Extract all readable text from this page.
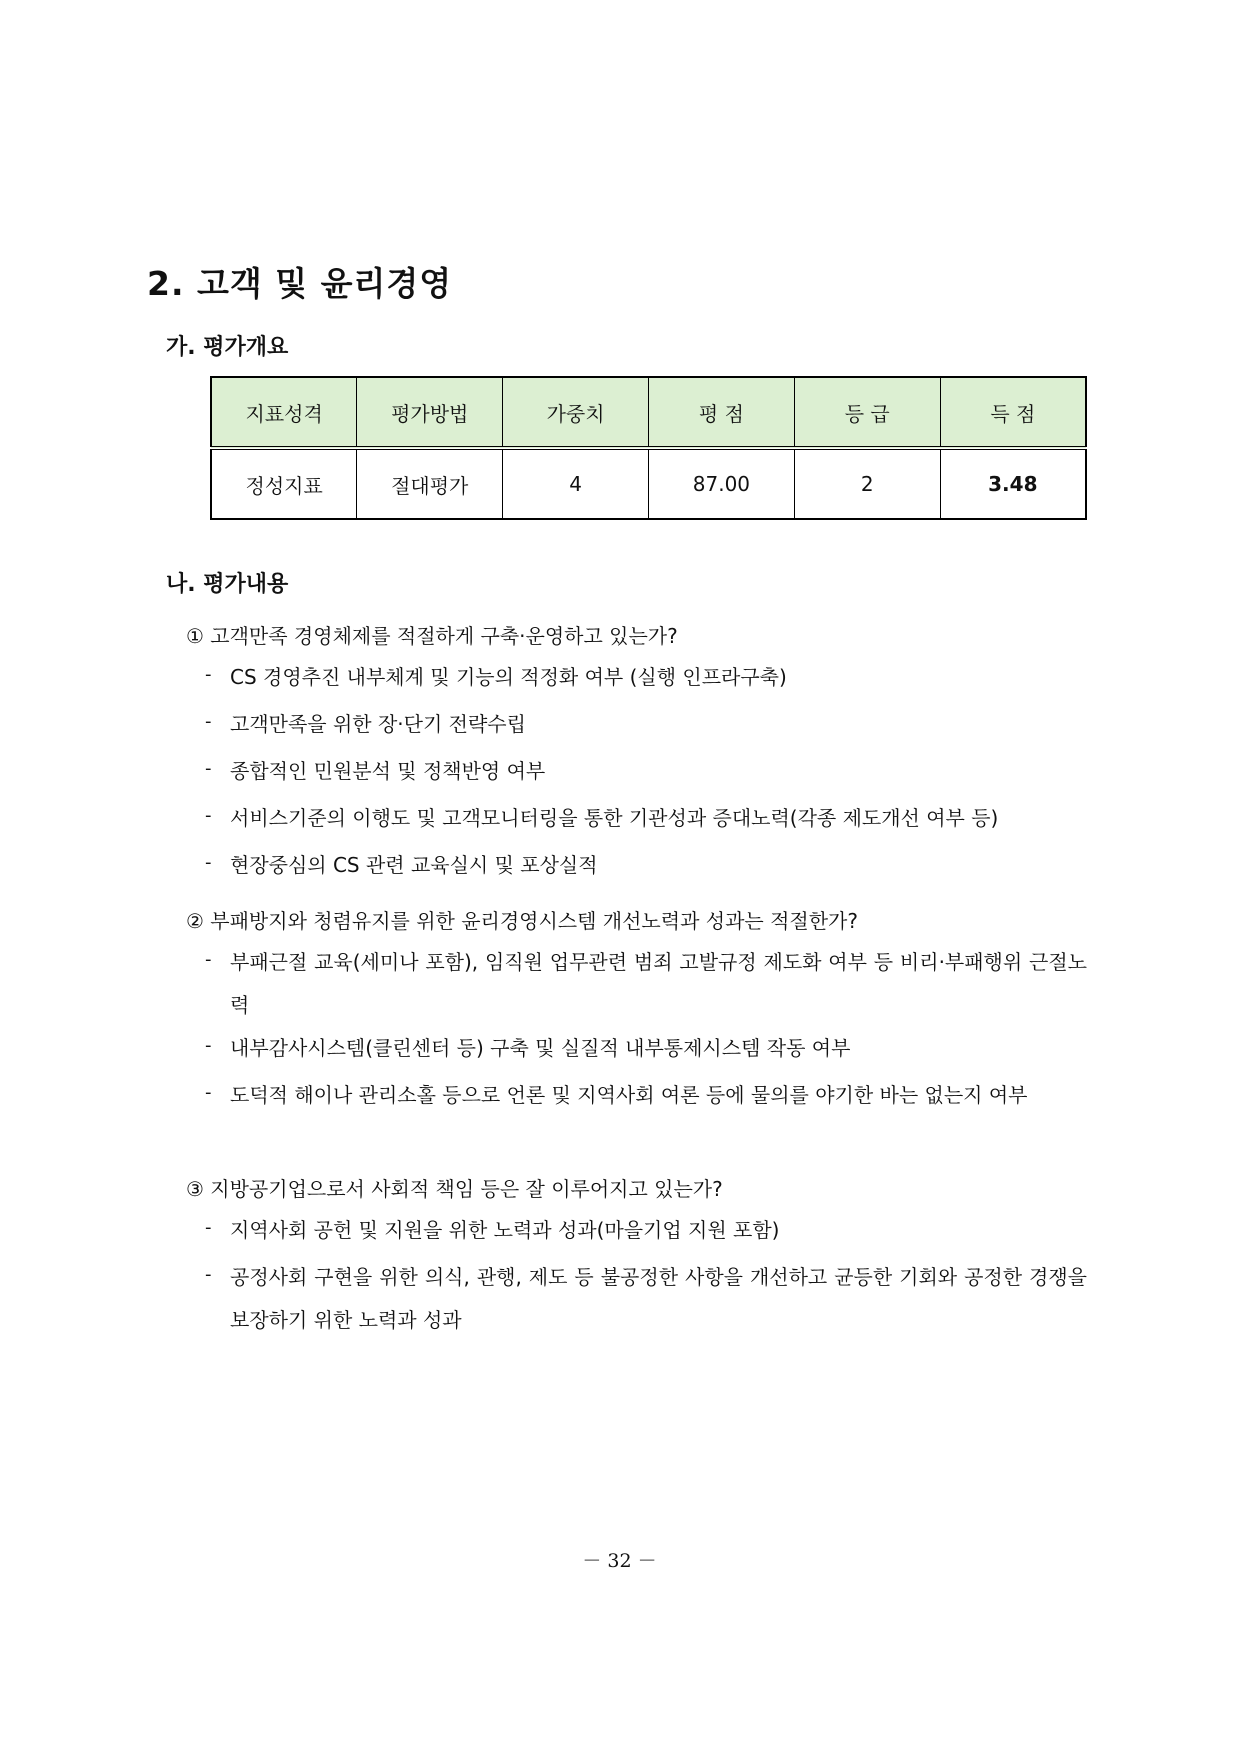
2. 고객 및 윤리경영
가. 평가개요
지표성격	평가방법	가중치	평 점	등 급	득 점
정성지표	절대평가	4	87.00	2	3.48
나. 평가내용
① 고객만족 경영체제를 적절하게 구축·운영하고 있는가?
- CS 경영추진 내부체계 및 기능의 적정화 여부 (실행 인프라구축)
- 고객만족을 위한 장·단기 전략수립
- 종합적인 민원분석 및 정책반영 여부
- 서비스기준의 이행도 및 고객모니터링을 통한 기관성과 증대노력(각종 제도개선 여부 등)
- 현장중심의 CS 관련 교육실시 및 포상실적
② 부패방지와 청렴유지를 위한 윤리경영시스템 개선노력과 성과는 적절한가?
- 부패근절 교육(세미나 포함), 임직원 업무관련 범죄 고발규정 제도화 여부 등 비리·부패행위 근절노력
- 내부감사시스템(클린센터 등) 구축 및 실질적 내부통제시스템 작동 여부
- 도덕적 해이나 관리소홀 등으로 언론 및 지역사회 여론 등에 물의를 야기한 바는 없는지 여부
③ 지방공기업으로서 사회적 책임 등은 잘 이루어지고 있는가?
- 지역사회 공헌 및 지원을 위한 노력과 성과(마을기업 지원 포함)
- 공정사회 구현을 위한 의식, 관행, 제도 등 불공정한 사항을 개선하고 균등한 기회와 공정한 경쟁을 보장하기 위한 노력과 성과
－ 32 －
